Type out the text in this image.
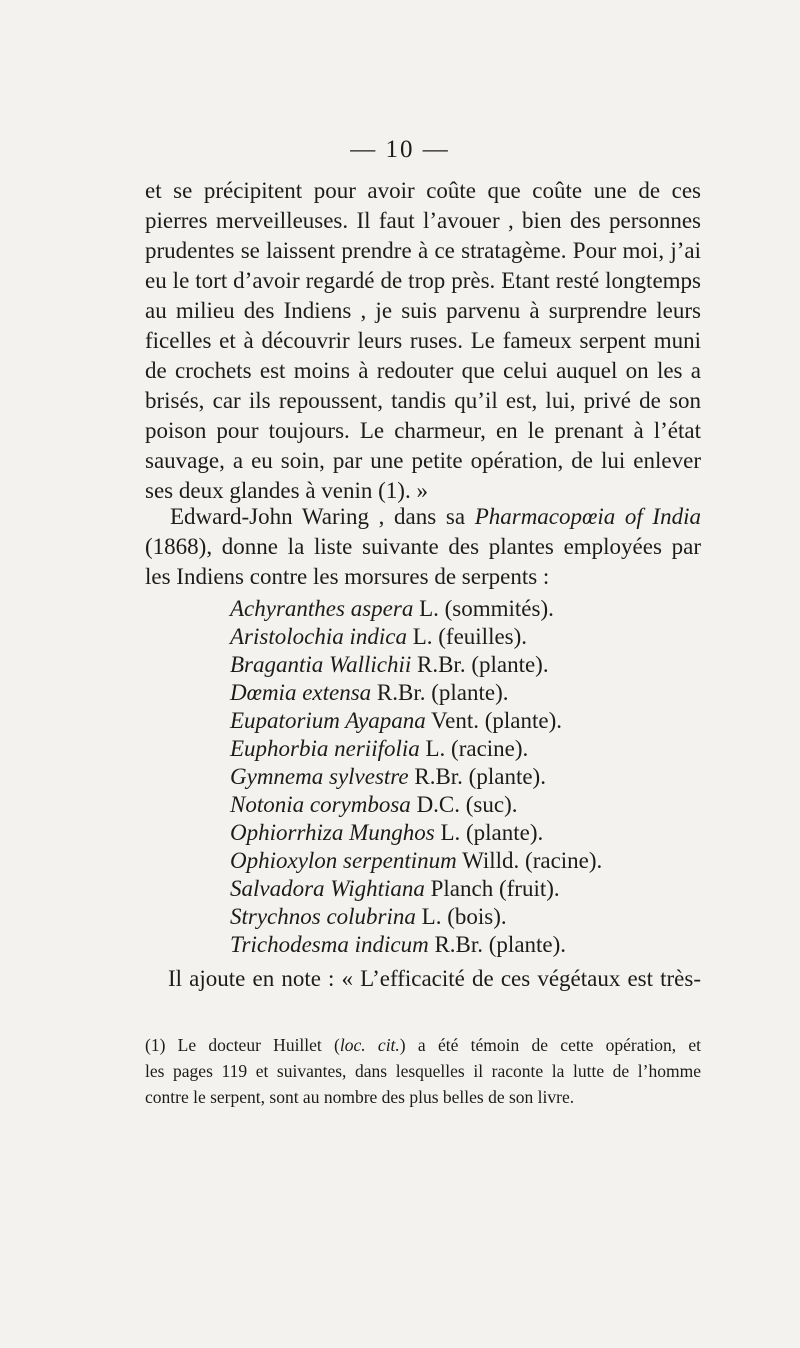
— 10 —
et se précipitent pour avoir coûte que coûte une de ces
pierres merveilleuses. Il faut l’avouer , bien des personnes
prudentes se laissent prendre à ce stratagème. Pour moi, j’ai
eu le tort d’avoir regardé de trop près. Etant resté longtemps
au milieu des Indiens , je suis parvenu à surprendre leurs
ficelles et à découvrir leurs ruses. Le fameux serpent muni
de crochets est moins à redouter que celui auquel on les a
brisés, car ils repoussent, tandis qu’il est, lui, privé de son
poison pour toujours. Le charmeur, en le prenant à l’état
sauvage, a eu soin, par une petite opération, de lui enlever
ses deux glandes à venin (1). »
Edward-John Waring , dans sa Pharmacopœia of India
(1868), donne la liste suivante des plantes employées par
les Indiens contre les morsures de serpents :
Achyranthes aspera L. (sommités).
Aristolochia indica L. (feuilles).
Bragantia Wallichii R.Br. (plante).
Dœmia extensa R.Br. (plante).
Eupatorium Ayapana Vent. (plante).
Euphorbia neriifolia L. (racine).
Gymnema sylvestre R.Br. (plante).
Notonia corymbosa D.C. (suc).
Ophiorrhiza Munghos L. (plante).
Ophioxylon serpentinum Willd. (racine).
Salvadora Wightiana Planch (fruit).
Strychnos colubrina L. (bois).
Trichodesma indicum R.Br. (plante).
Il ajoute en note : « L’efficacité de ces végétaux est très-
(1) Le docteur Huillet (loc. cit.) a été témoin de cette opération, et
les pages 119 et suivantes, dans lesquelles il raconte la lutte de l’homme
contre le serpent, sont au nombre des plus belles de son livre.
